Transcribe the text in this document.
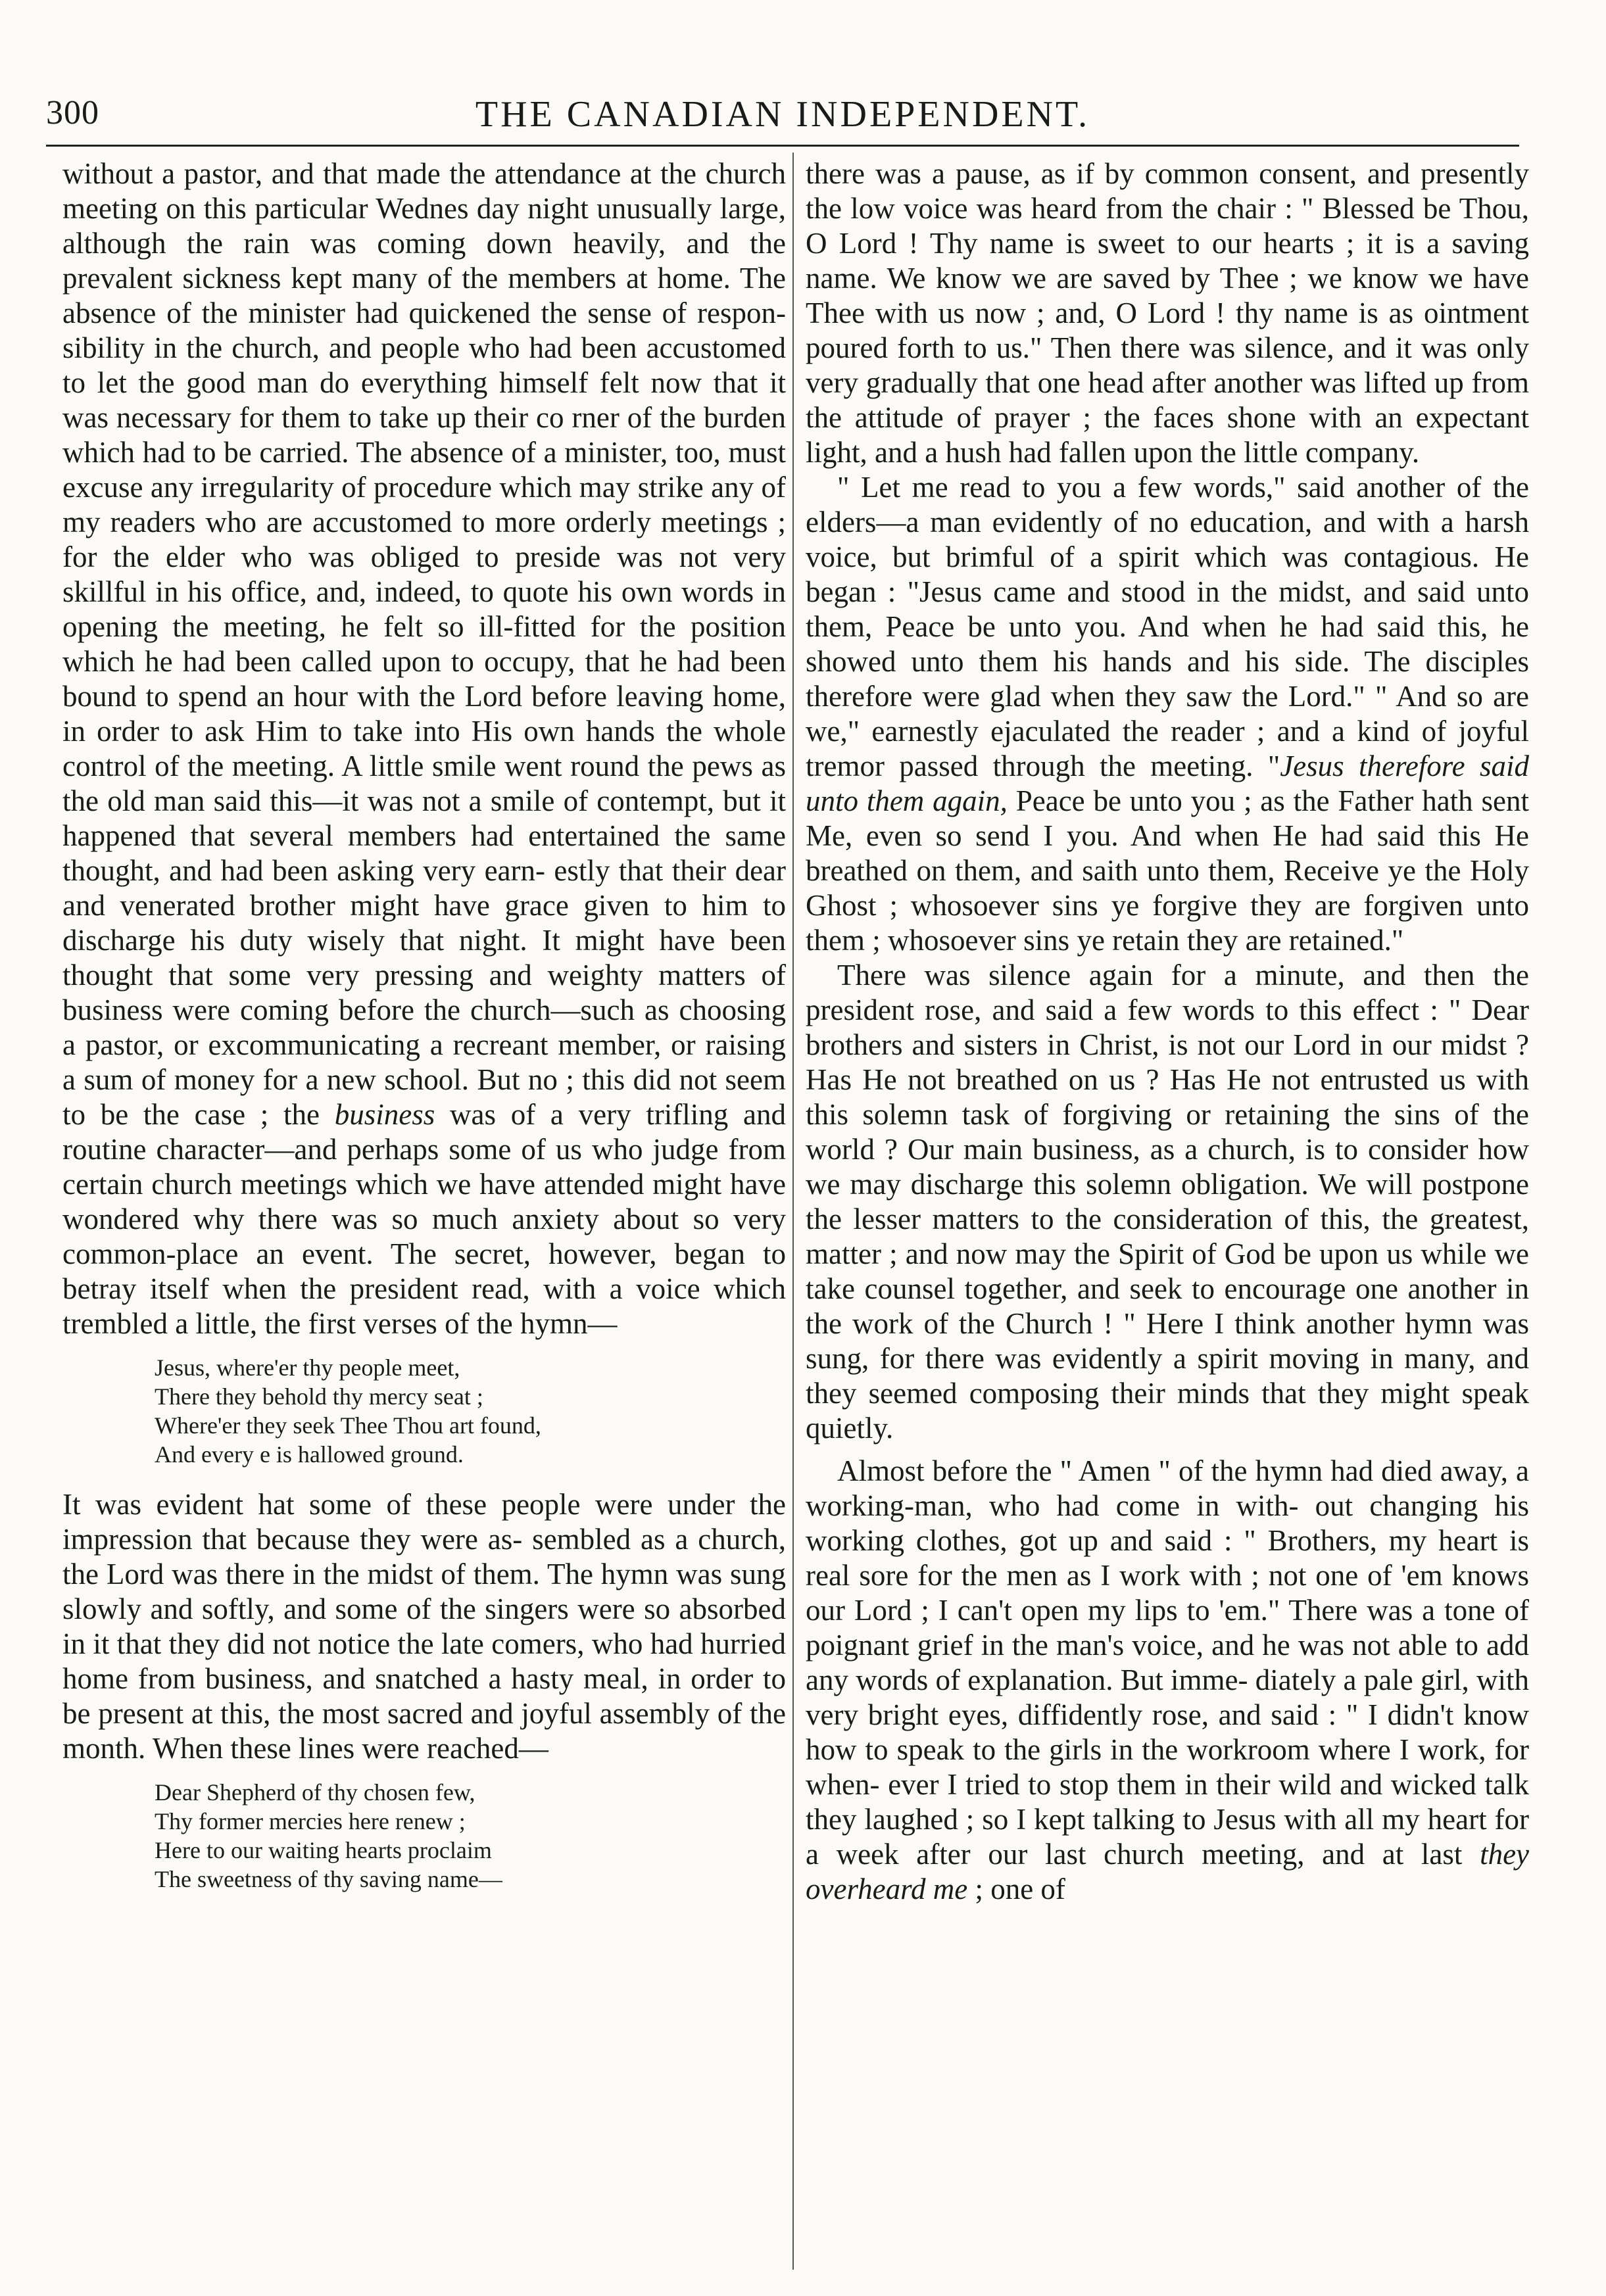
300	THE CANADIAN INDEPENDENT.

without a pastor, and that made the attendance at the church meeting on this particular Wednes day night unusually large, although the rain was coming down heavily, and the prevalent sickness kept many of the members at home. The absence of the minister had quickened the sense of respon- sibility in the church, and people who had been accustomed to let the good man do everything himself felt now that it was necessary for them to take up their co rner of the burden which had to be carried. The absence of a minister, too, must excuse any irregularity of procedure which may strike any of my readers who are accustomed to more orderly meetings ; for the elder who was obliged to preside was not very skillful in his office, and, indeed, to quote his own words in opening the meeting, he felt so ill-fitted for the position which he had been called upon to occupy, that he had been bound to spend an hour with the Lord before leaving home, in order to ask Him to take into His own hands the whole control of the meeting. A little smile went round the pews as the old man said this—it was not a smile of contempt, but it happened that several members had entertained the same thought, and had been asking very earn- estly that their dear and venerated brother might have grace given to him to discharge his duty wisely that night. It might have been thought that some very pressing and weighty matters of business were coming before the church—such as choosing a pastor, or excommunicating a recreant member, or raising a sum of money for a new school. But no ; this did not seem to be the case ; the business was of a very trifling and routine character—and perhaps some of us who judge from certain church meetings which we have attended might have wondered why there was so much anxiety about so very common-place an event. The secret, however, began to betray itself when the president read, with a voice which trembled a little, the first verses of the hymn—

Jesus, where'er thy people meet,
There they behold thy mercy seat ;
Where'er they seek Thee Thou art found,
And every e is hallowed ground.

It was evident hat some of these people were under the impression that because they were as- sembled as a church, the Lord was there in the midst of them. The hymn was sung slowly and softly, and some of the singers were so absorbed in it that they did not notice the late comers, who had hurried home from business, and snatched a hasty meal, in order to be present at this, the most sacred and joyful assembly of the month. When these lines were reached—

Dear Shepherd of thy chosen few,
Thy former mercies here renew ;
Here to our waiting hearts proclaim
The sweetness of thy saving name—

there was a pause, as if by common consent, and presently the low voice was heard from the chair : " Blessed be Thou, O Lord ! Thy name is sweet to our hearts ; it is a saving name. We know we are saved by Thee ; we know we have Thee with us now ; and, O Lord ! thy name is as ointment poured forth to us." Then there was silence, and it was only very gradually that one head after another was lifted up from the attitude of prayer ; the faces shone with an expectant light, and a hush had fallen upon the little company.

" Let me read to you a few words," said another of the elders—a man evidently of no education, and with a harsh voice, but brimful of a spirit which was contagious. He began : "Jesus came and stood in the midst, and said unto them, Peace be unto you. And when he had said this, he showed unto them his hands and his side. The disciples therefore were glad when they saw the Lord." " And so are we," earnestly ejaculated the reader ; and a kind of joyful tremor passed through the meeting. "Jesus therefore said unto them again, Peace be unto you ; as the Father hath sent Me, even so send I you. And when He had said this He breathed on them, and saith unto them, Receive ye the Holy Ghost ; whosoever sins ye forgive they are forgiven unto them ; whosoever sins ye retain they are retained."

There was silence again for a minute, and then the president rose, and said a few words to this effect : " Dear brothers and sisters in Christ, is not our Lord in our midst ? Has He not breathed on us ? Has He not entrusted us with this solemn task of forgiving or retaining the sins of the world ? Our main business, as a church, is to consider how we may discharge this solemn obligation. We will postpone the lesser matters to the consideration of this, the greatest, matter ; and now may the Spirit of God be upon us while we take counsel together, and seek to encourage one another in the work of the Church ! " Here I think another hymn was sung, for there was evidently a spirit moving in many, and they seemed composing their minds that they might speak quietly.

Almost before the " Amen " of the hymn had died away, a working-man, who had come in with- out changing his working clothes, got up and said : " Brothers, my heart is real sore for the men as I work with ; not one of 'em knows our Lord ; I can't open my lips to 'em." There was a tone of poignant grief in the man's voice, and he was not able to add any words of explanation. But imme- diately a pale girl, with very bright eyes, diffidently rose, and said : " I didn't know how to speak to the girls in the workroom where I work, for when- ever I tried to stop them in their wild and wicked talk they laughed ; so I kept talking to Jesus with all my heart for a week after our last church meeting, and at last they overheard me ; one of
